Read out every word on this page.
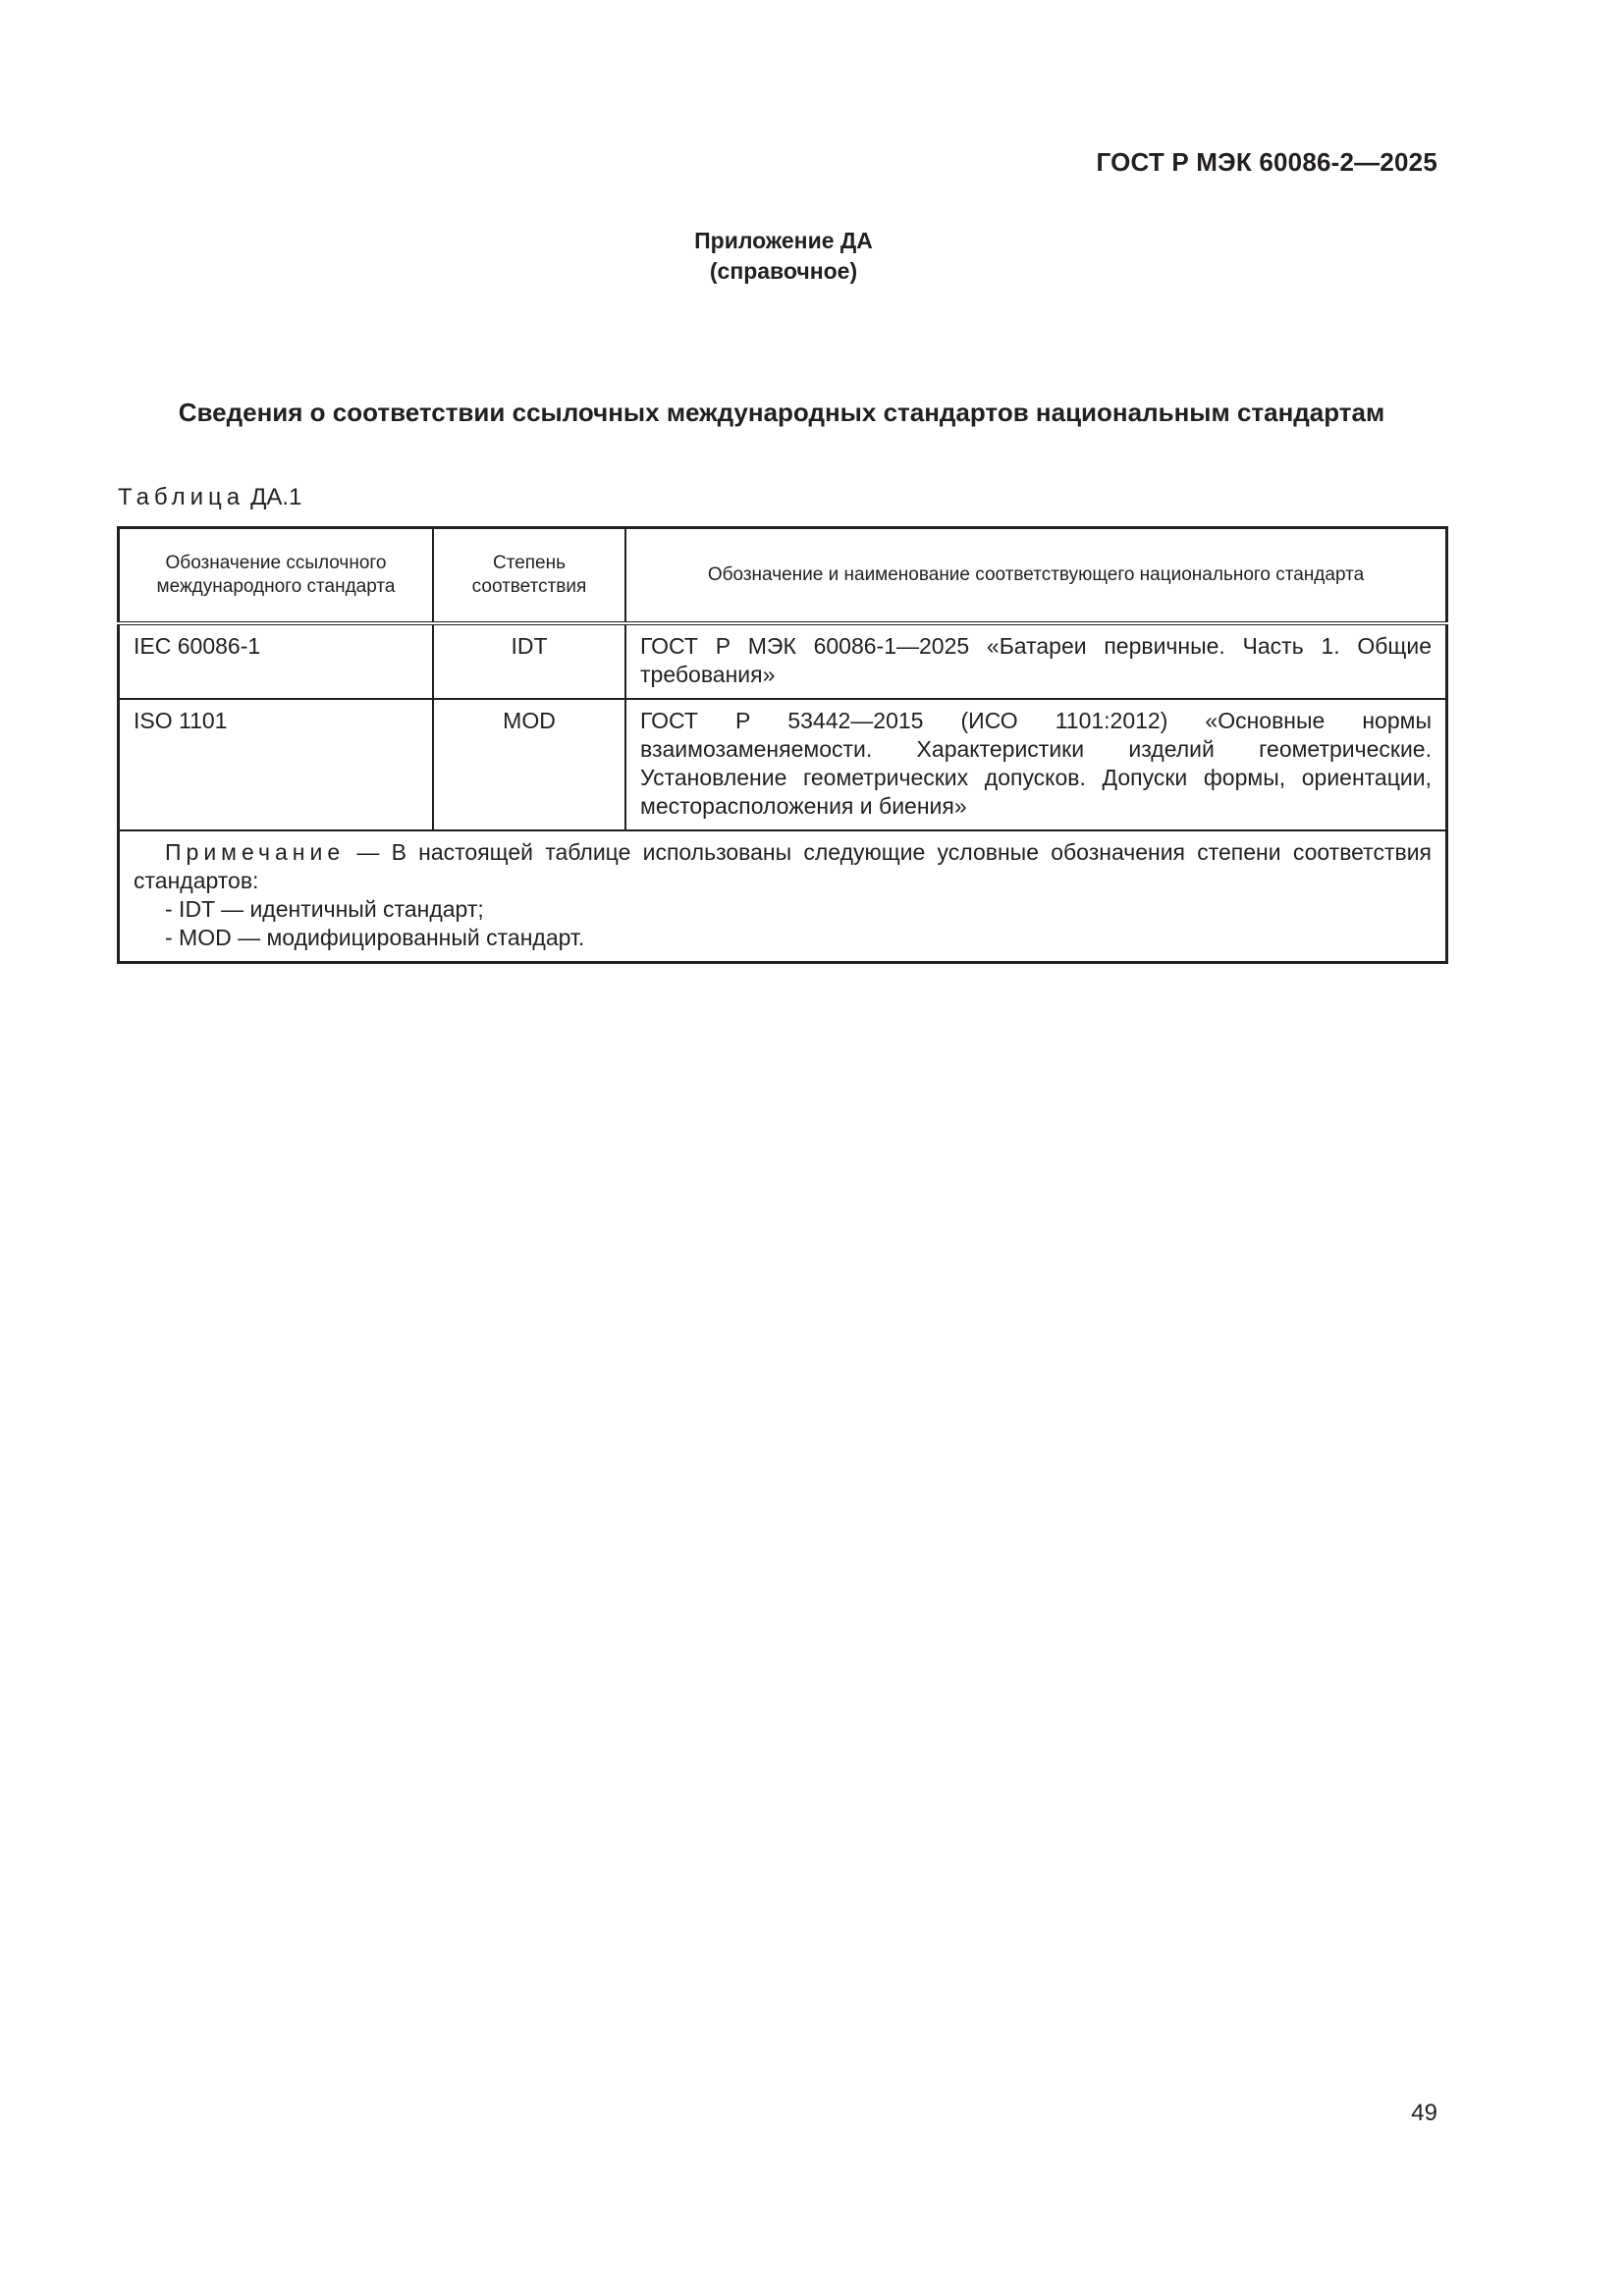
ГОСТ Р МЭК 60086-2—2025
Приложение ДА
(справочное)
Сведения о соответствии ссылочных международных стандартов национальным стандартам
Таблица ДА.1
Обозначение ссылочного международного стандарта	Степень соответствия	Обозначение и наименование соответствующего национального стандарта
IEC 60086-1	IDT	ГОСТ Р МЭК 60086-1—2025 «Батареи первичные. Часть 1. Общие требования»
ISO 1101	MOD	ГОСТ Р 53442—2015 (ИСО 1101:2012) «Основные нормы взаимозаменяемости. Характеристики изделий геометрические. Установление геометрических допусков. Допуски формы, ориентации, месторасположения и биения»
Примечание — В настоящей таблице использованы следующие условные обозначения степени соответствия стандартов:
- IDT — идентичный стандарт;
- MOD — модифицированный стандарт.		
49
